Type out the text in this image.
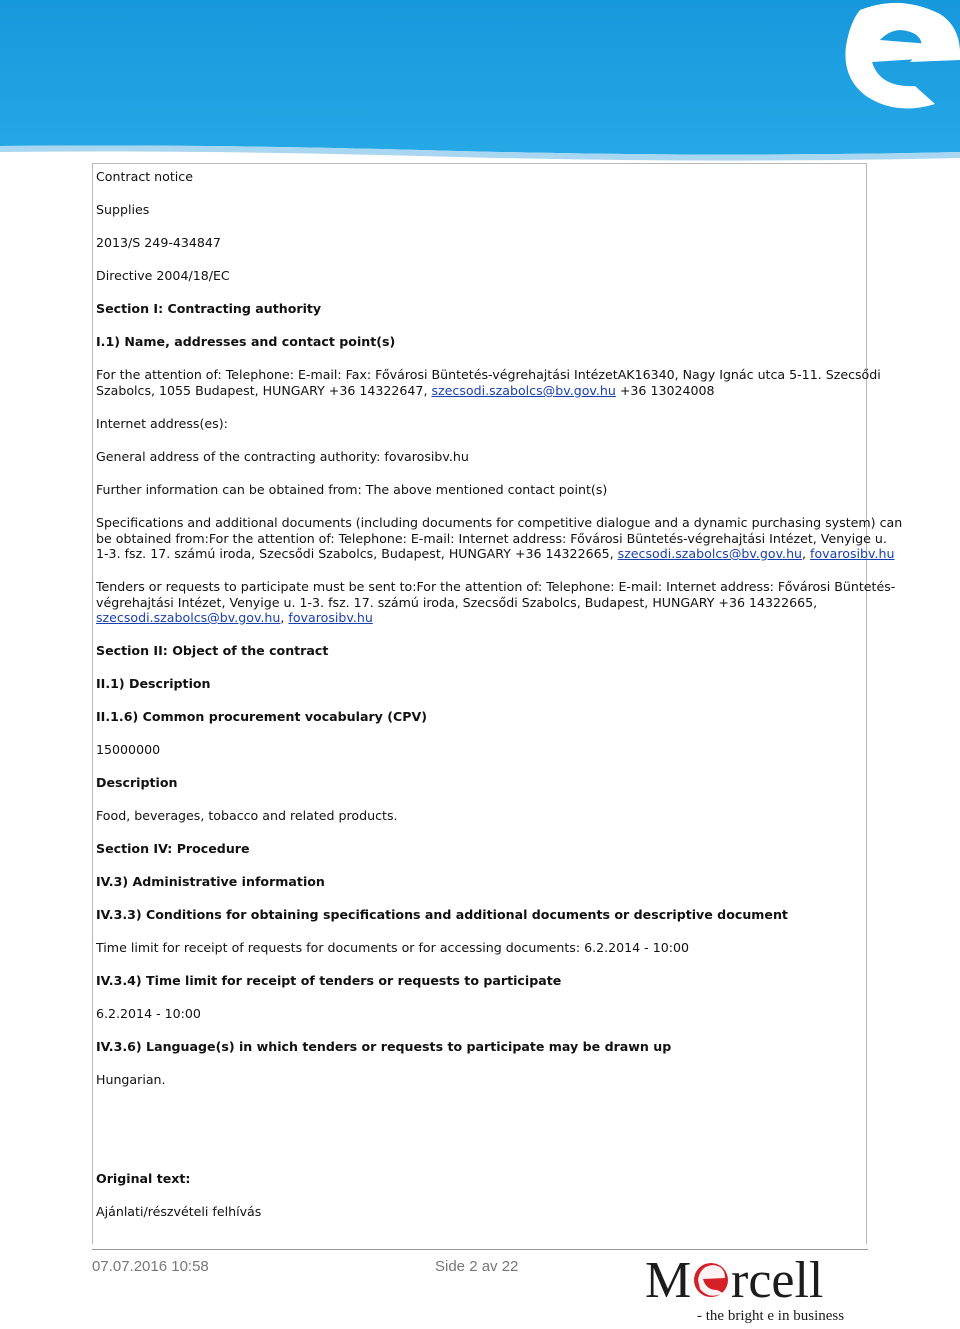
Contract notice
Supplies
2013/S 249-434847
Directive 2004/18/EC
Section I: Contracting authority
I.1) Name, addresses and contact point(s)
For the attention of: Telephone: E-mail: Fax: Fővárosi Büntetés-végrehajtási IntézetAK16340, Nagy Ignác utca 5-11. Szecsődi
Szabolcs, 1055 Budapest, HUNGARY +36 14322647, szecsodi.szabolcs@bv.gov.hu +36 13024008
Internet address(es):
General address of the contracting authority: fovarosibv.hu
Further information can be obtained from: The above mentioned contact point(s)
Specifications and additional documents (including documents for competitive dialogue and a dynamic purchasing system) can
be obtained from:For the attention of: Telephone: E-mail: Internet address: Fővárosi Büntetés-végrehajtási Intézet, Venyige u.
1-3. fsz. 17. számú iroda, Szecsődi Szabolcs, Budapest, HUNGARY +36 14322665, szecsodi.szabolcs@bv.gov.hu, fovarosibv.hu
Tenders or requests to participate must be sent to:For the attention of: Telephone: E-mail: Internet address: Fővárosi Büntetés-
végrehajtási Intézet, Venyige u. 1-3. fsz. 17. számú iroda, Szecsődi Szabolcs, Budapest, HUNGARY +36 14322665,
szecsodi.szabolcs@bv.gov.hu, fovarosibv.hu
Section II: Object of the contract
II.1) Description
II.1.6) Common procurement vocabulary (CPV)
15000000
Description
Food, beverages, tobacco and related products.
Section IV: Procedure
IV.3) Administrative information
IV.3.3) Conditions for obtaining specifications and additional documents or descriptive document
Time limit for receipt of requests for documents or for accessing documents: 6.2.2014 - 10:00
IV.3.4) Time limit for receipt of tenders or requests to participate
6.2.2014 - 10:00
IV.3.6) Language(s) in which tenders or requests to participate may be drawn up
Hungarian.
Original text:
Ajánlati/részvételi felhívás
07.07.2016 10:58	Side 2 av 22 M rcell
- the bright e in business
